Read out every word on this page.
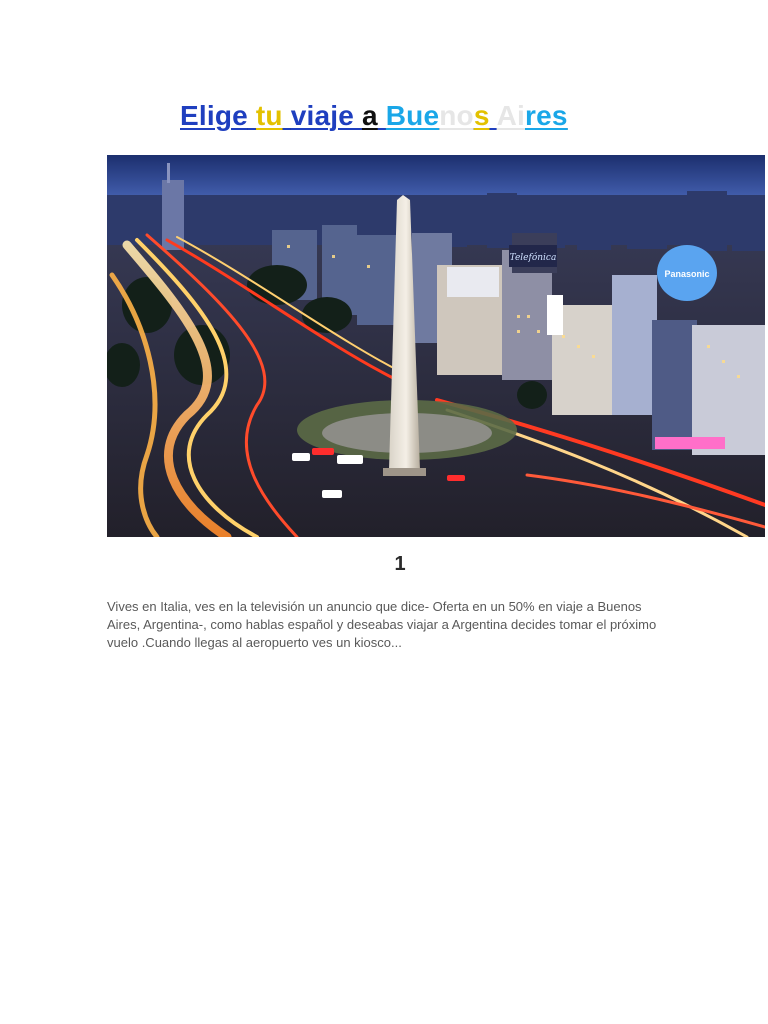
Elige tu viaje a Buenos Aires
Telefónica
Panasonic

1

Vives en Italia, ves en la televisión un anuncio que dice- Oferta en un 50% en viaje a Buenos Aires, Argentina-, como hablas español y deseabas viajar a Argentina decides tomar el próximo vuelo .Cuando llegas al aeropuerto ves un kiosco...
